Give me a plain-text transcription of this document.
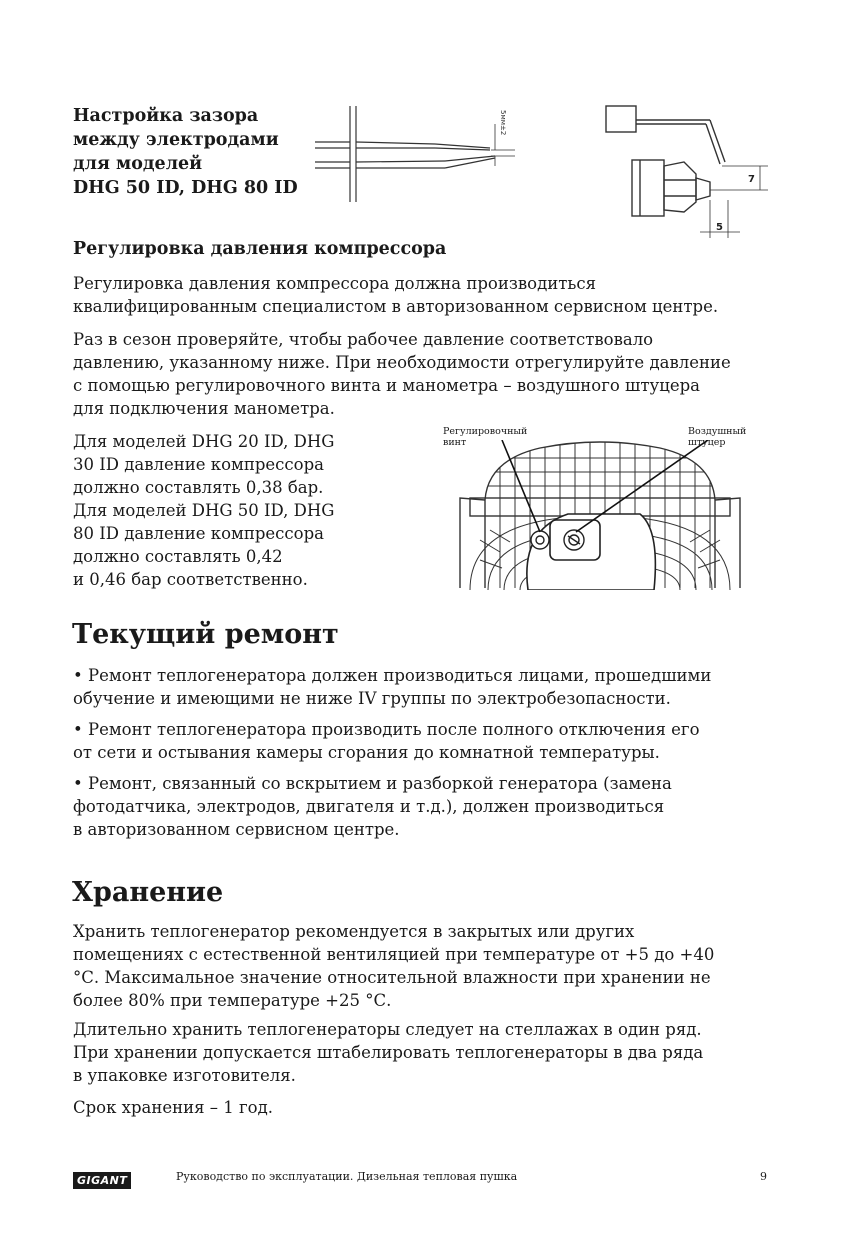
Настройка зазора

между электродами

для моделей

DHG 50 ID, DHG 80 ID

5мм±2
7
5

Регулировка давления компрессора

Регулировка давления компрессора должна производиться

квалифицированным специалистом в авторизованном сервисном центре.

Раз в сезон проверяйте, чтобы рабочее давление соответствовало

давлению, указанному ниже. При необходимости отрегулируйте давление

с помощью регулировочного винта и манометра – воздушного штуцера

для подключения манометра.

Для моделей DHG 20 ID, DHG

30 ID давление компрессора

должно составлять 0,38 бар.

Для моделей DHG 50 ID, DHG

80 ID давление компрессора

должно составлять 0,42

и 0,46 бар соответственно.

Регулировочный
винт
Воздушный
штуцер

Текущий ремонт

• Ремонт теплогенератора должен производиться лицами, прошедшими

обучение и имеющими не ниже IV группы по электробезопасности.

• Ремонт теплогенератора производить после полного отключения его

от сети и остывания камеры сгорания до комнатной температуры.

• Ремонт, связанный со вскрытием и разборкой генератора (замена

фотодатчика, электродов, двигателя и т.д.), должен производиться

в авторизованном сервисном центре.

Хранение

Хранить теплогенератор рекомендуется в закрытых или других

помещениях с естественной вентиляцией при температуре от +5 до +40

°С. Максимальное значение относительной влажности при хранении не

более 80% при температуре +25 °С.

Длительно хранить теплогенераторы следует на стеллажах в один ряд.

При хранении допускается штабелировать теплогенераторы в два ряда

в упаковке изготовителя.

Срок хранения – 1 год.

GIGANT	Руководство по эксплуатации. Дизельная тепловая пушка	9
